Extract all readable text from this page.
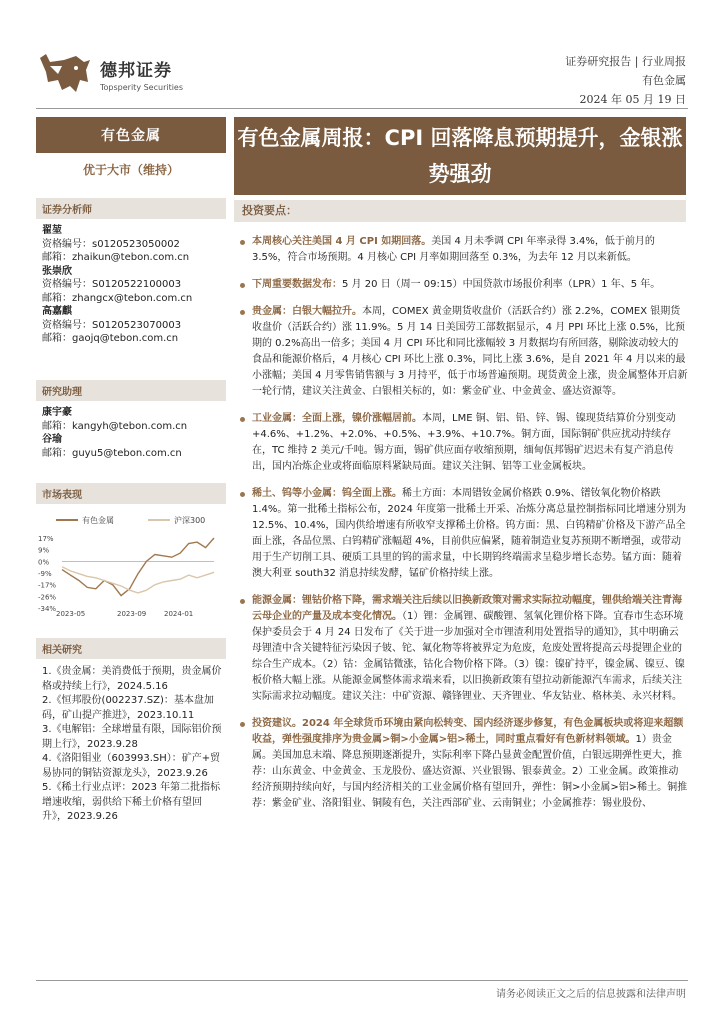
德邦证券
Topsperity Securities
证券研究报告 | 行业周报
有色金属
2024 年 05 月 19 日
有色金属
优于大市（维持）
证券分析师
翟堃
资格编号：s0120523050002
邮箱：zhaikun@tebon.com.cn
张崇欣
资格编号：S0120522100003
邮箱：zhangcx@tebon.com.cn
高嘉麒
资格编号：S0120523070003
邮箱：gaojq@tebon.com.cn
研究助理
康宇豪
邮箱：kangyh@tebon.com.cn
谷瑜
邮箱：guyu5@tebon.com.cn
市场表现
有色金属	沪深300
17%
9%
0%
-9%
-17%
-26%
-34%
2023-05	2023-09	2024-01
相关研究
1.《贵金属：美消费低于预期，贵金属价格或持续上行》，2024.5.16
2.《恒邦股份(002237.SZ)：基本盘加码，矿山提产推进》，2023.10.11
3.《电解铝：全球增量有限，国际铝价预期上行》，2023.9.28
4.《洛阳钼业（603993.SH）：矿产+贸易协同的铜钴资源龙头》，2023.9.26
5.《稀土行业点评：2023 年第二批指标增速收缩，弱供给下稀土价格有望回升》，2023.9.26
有色金属周报：CPI 回落降息预期提升，金银涨势强劲
投资要点：
本周核心关注美国 4 月 CPI 如期回落。美国 4 月未季调 CPI 年率录得 3.4%，低于前月的 3.5%，符合市场预期。4 月核心 CPI 月率如期回落至 0.3%，为去年 12 月以来新低。
下周重要数据发布：5 月 20 日（周一 09:15）中国贷款市场报价利率（LPR）1 年、5 年。
贵金属：白银大幅拉升。本周，COMEX 黄金期货收盘价（活跃合约）涨 2.2%，COMEX 银期货收盘价（活跃合约）涨 11.9%。5 月 14 日美国劳工部数据显示，4 月 PPI 环比上涨 0.5%，比预期的 0.2%高出一倍多；美国 4 月 CPI 环比和同比涨幅较 3 月数据均有所回落，剔除波动较大的食品和能源价格后，4 月核心 CPI 环比上涨 0.3%，同比上涨 3.6%，是自 2021 年 4 月以来的最小涨幅；美国 4 月零售销售额与 3 月持平，低于市场普遍预期。现货黄金上涨，贵金属整体开启新一轮行情，建议关注黄金、白银相关标的，如：紫金矿业、中金黄金、盛达资源等。
工业金属：全面上涨，镍价涨幅居前。本周，LME 铜、铝、铅、锌、锡、镍现货结算价分别变动+4.6%、+1.2%、+2.0%、+0.5%、+3.9%、+10.7%。铜方面，国际铜矿供应扰动持续存在，TC 维持 2 美元/千吨。锡方面，锡矿供应面存收缩预期，缅甸佤邦锡矿迟迟未有复产消息传出，国内冶炼企业或将面临原料紧缺局面。建议关注铜、铝等工业金属板块。
稀土、钨等小金属：钨全面上涨。稀土方面：本周镨钕金属价格跌 0.9%、镨钕氧化物价格跌 1.4%。第一批稀土指标公布，2024 年度第一批稀土开采、冶炼分离总量控制指标同比增速分别为 12.5%、10.4%，国内供给增速有所收窄支撑稀土价格。钨方面：黑、白钨精矿价格及下游产品全面上涨，各品位黑、白钨精矿涨幅超 4%，目前供应偏紧，随着制造业复苏预期不断增强，或带动用于生产切削工具、硬质工具里的钨的需求量，中长期钨终端需求呈稳步增长态势。锰方面：随着澳大利亚 south32 消息持续发酵，锰矿价格持续上涨。
能源金属：锂钴价格下降，需求端关注后续以旧换新政策对需求实际拉动幅度，锂供给端关注青海云母企业的产量及成本变化情况。（1）锂：金属锂、碳酸锂、氢氧化锂价格下降。宜春市生态环境保护委员会于 4 月 24 日发布了《关于进一步加强对全市锂渣利用处置指导的通知》，其中明确云母锂渣中含关键特征污染因子铍、铊、氟化物等将被界定为危废，危废处置将提高云母提锂企业的综合生产成本。（2）钴：金属钴微涨，钴化合物价格下降。（3）镍：镍矿持平，镍金属、镍豆、镍板价格大幅上涨。从能源金属整体需求端来看，以旧换新政策有望拉动新能源汽车需求，后续关注实际需求拉动幅度。建议关注：中矿资源、赣锋锂业、天齐锂业、华友钴业、格林美、永兴材料。
投资建议。2024 年全球货币环境由紧向松转变、国内经济逐步修复，有色金属板块或将迎来超额收益，弹性强度排序为贵金属>铜>小金属>铝>稀土，同时重点看好有色新材料领域。1）贵金属。美国加息末端、降息预期逐渐提升，实际利率下降凸显黄金配置价值，白银远期弹性更大，推荐：山东黄金、中金黄金、玉龙股份、盛达资源、兴业银锡、银泰黄金。2）工业金属。政策推动经济预期持续向好，与国内经济相关的工业金属价格有望回升，弹性：铜>小金属>铝>稀土。铜推荐：紫金矿业、洛阳钼业、铜陵有色，关注西部矿业、云南铜业；小金属推荐：锡业股份、
请务必阅读正文之后的信息披露和法律声明
